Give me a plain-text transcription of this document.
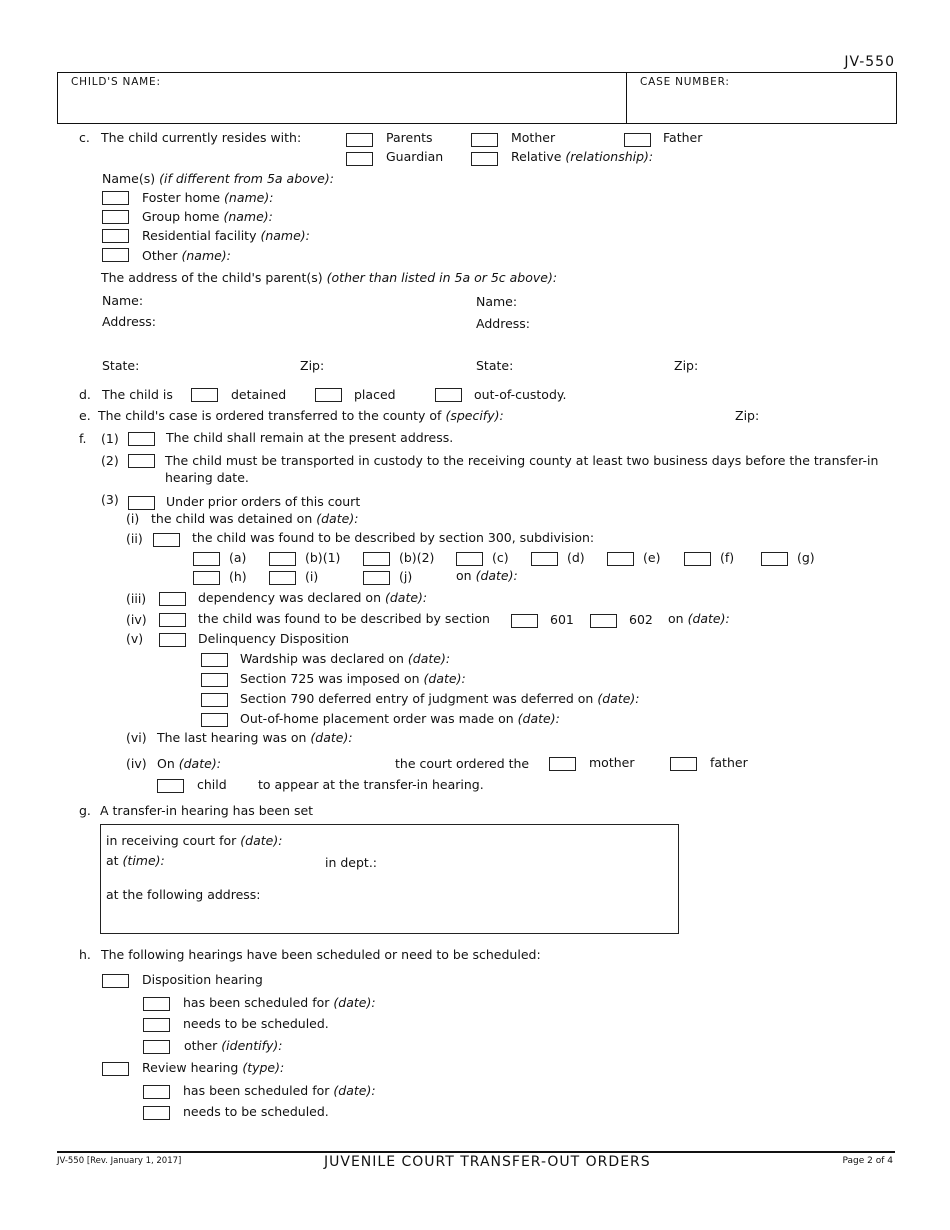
JV-550
CHILD'S NAME:	CASE NUMBER:
c. The child currently resides with:	Parents	Mother	Father
Guardian	Relative (relationship):
Name(s) (if different from 5a above):
Foster home (name):
Group home (name):
Residential facility (name):
Other (name):
The address of the child's parent(s) (other than listed in 5a or 5c above):
Name:	Name:
Address:	Address:
State:	Zip:	State:	Zip:
d. The child is	detained	placed	out-of-custody.
e. The child's case is ordered transferred to the county of (specify):	Zip:
f. (1)	The child shall remain at the present address.
(2)	The child must be transported in custody to the receiving county at least two business days before the transfer-in
hearing date.
(3)	Under prior orders of this court
(i) the child was detained on (date):
(ii)	the child was found to be described by section 300, subdivision:
(a)	(b)(1)	(b)(2)	(c)	(d)	(e)	(f)	(g)
(h)	(i)	(j)	on (date):
(iii)	dependency was declared on (date):
(iv)	the child was found to be described by section	601	602 on (date):
(v)	Delinquency Disposition
Wardship was declared on (date):
Section 725 was imposed on (date):
Section 790 deferred entry of judgment was deferred on (date):
Out-of-home placement order was made on (date):
(vi) The last hearing was on (date):
(iv) On (date):	the court ordered the	mother	father
child	to appear at the transfer-in hearing.
g. A transfer-in hearing has been set
in receiving court for (date):
at (time):	in dept.:
at the following address:
h. The following hearings have been scheduled or need to be scheduled:
Disposition hearing
has been scheduled for (date):
needs to be scheduled.
other (identify):
Review hearing (type):
has been scheduled for (date):
needs to be scheduled.
JV-550 [Rev. January 1, 2017]	JUVENILE COURT TRANSFER-OUT ORDERS	Page 2 of 4
